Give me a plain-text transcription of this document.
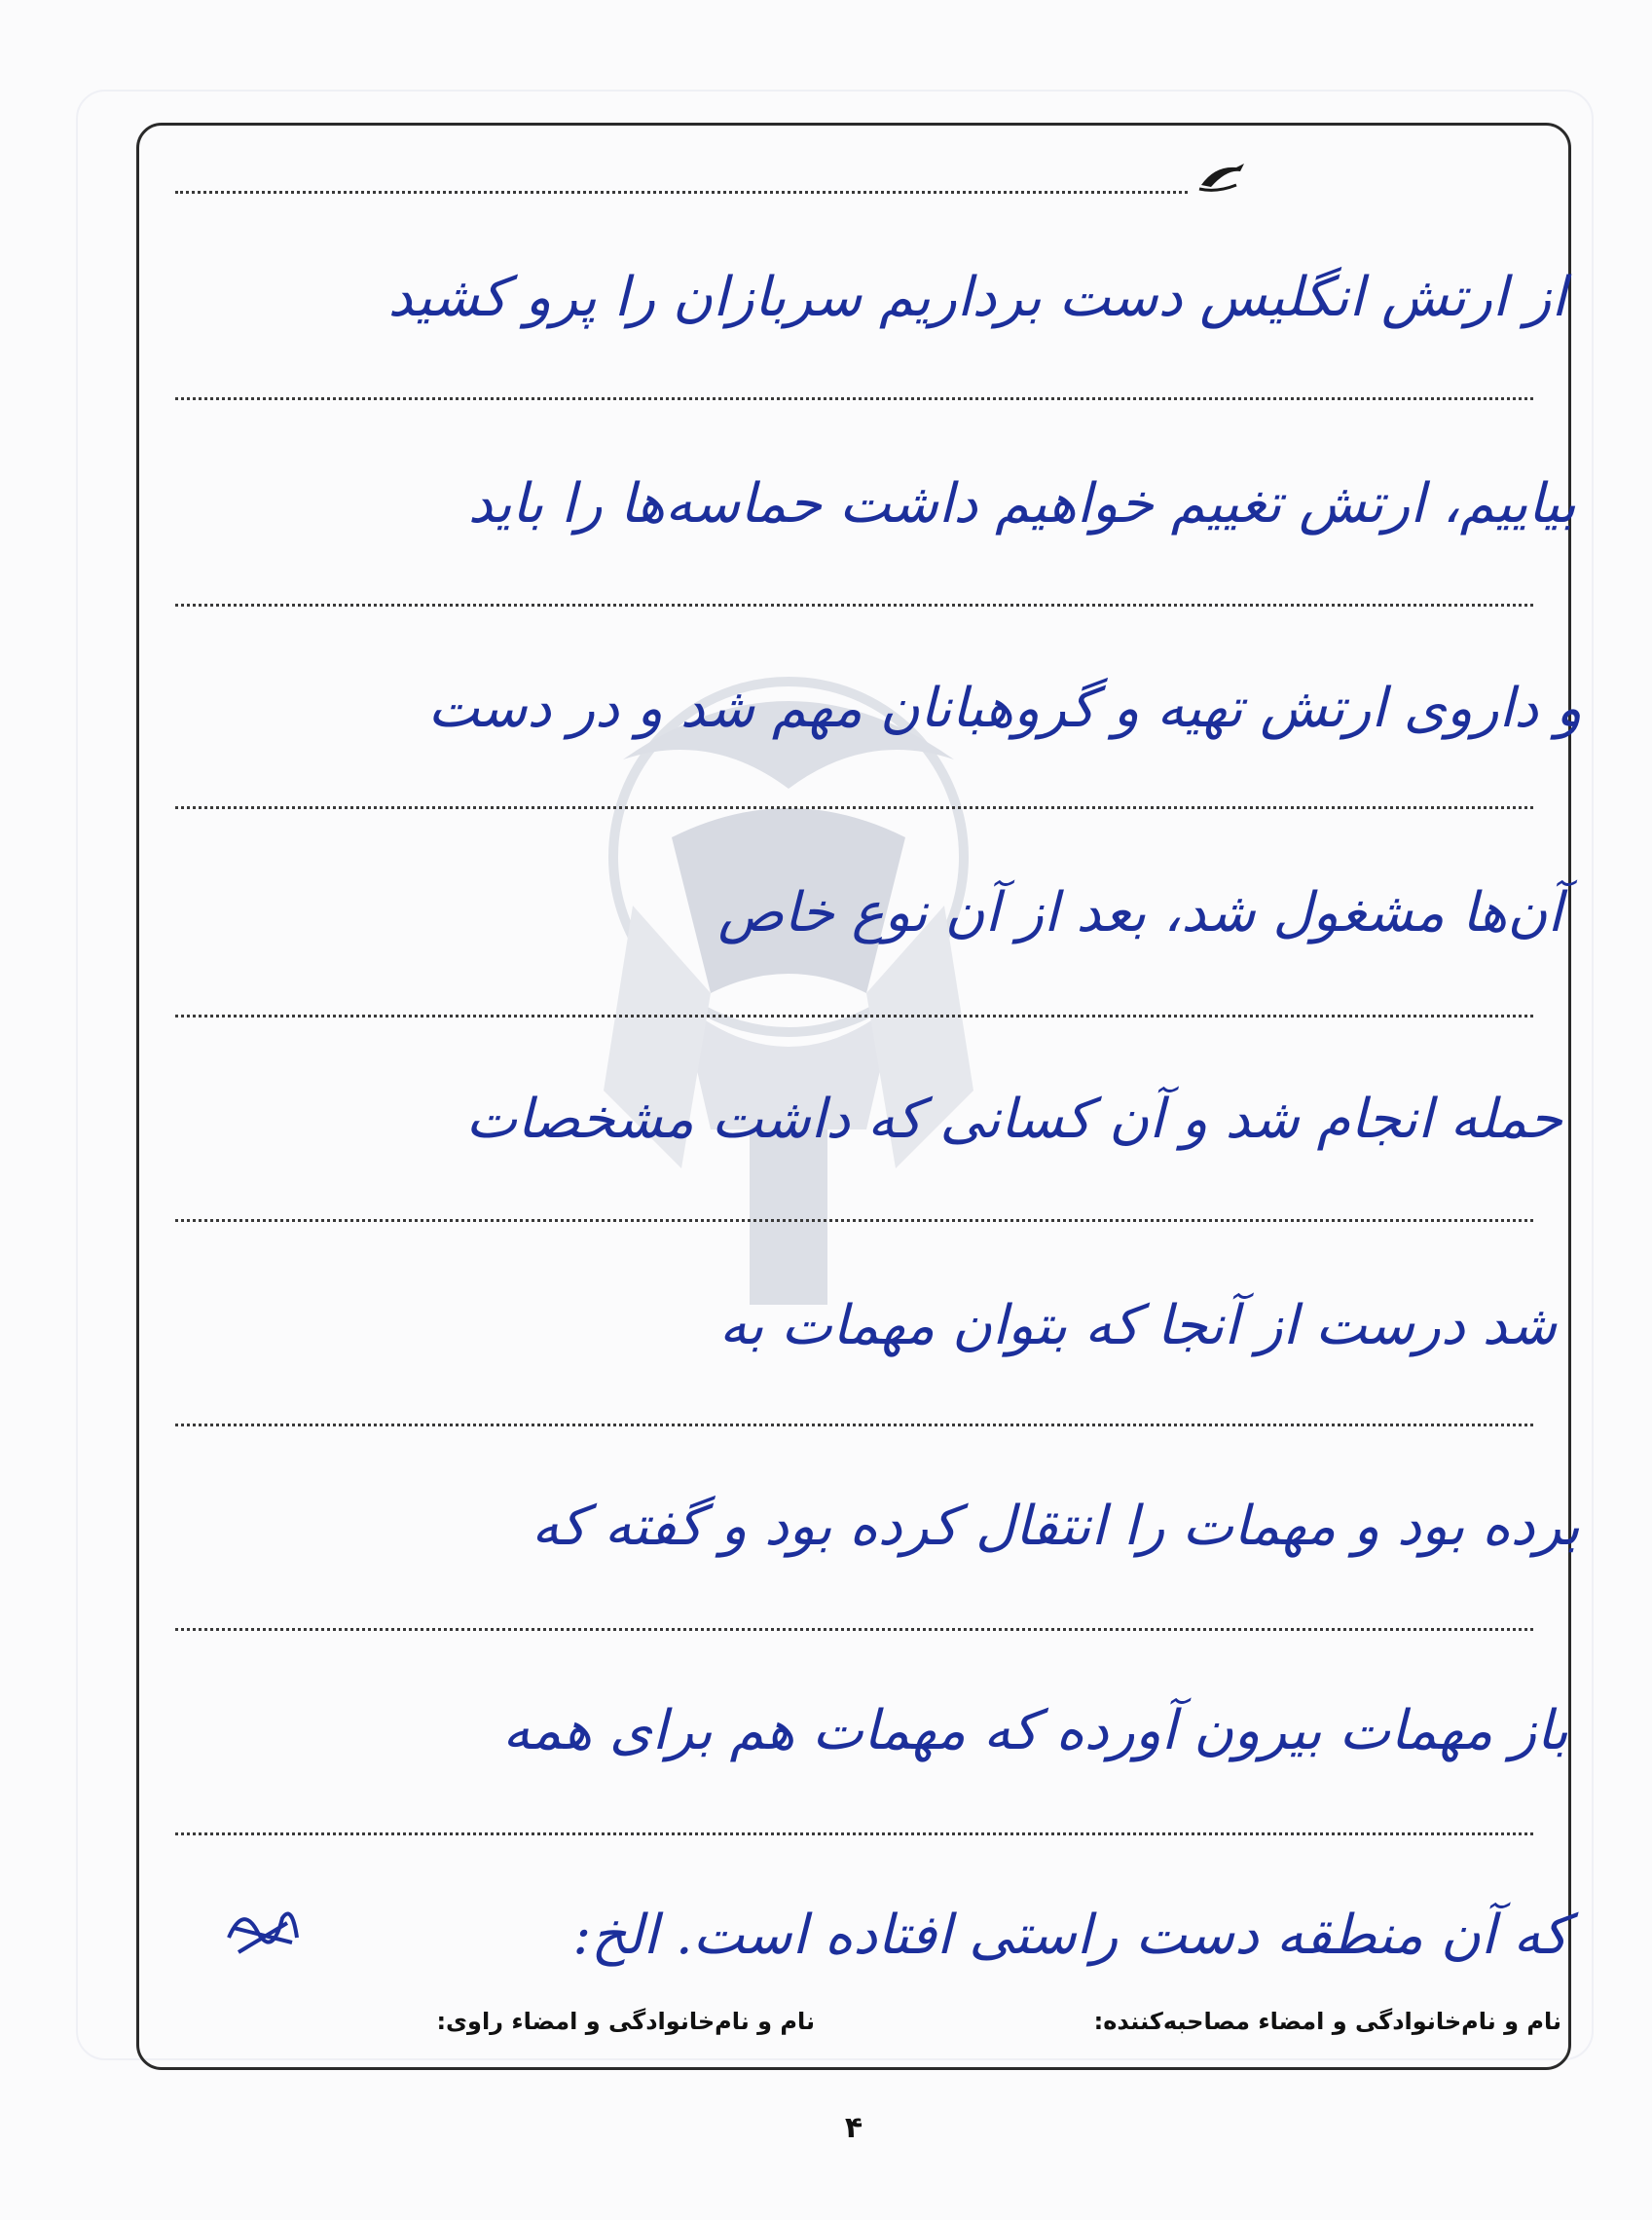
از ارتش انگلیس دست برداریم سربازان را پرو کشید
بیاییم، ارتش تغییم خواهیم داشت حماسه‌ها را باید
و داروی ارتش تهیه و گروهبانان مهم شد و در دست
آن‌ها مشغول شد، بعد از آن نوع خاص
حمله انجام شد و آن کسانی که داشت مشخصات
شد درست از آنجا که بتوان مهمات به
برده بود و مهمات را انتقال کرده بود و گفته که
باز مهمات بیرون آورده که مهمات هم برای همه
که آن منطقه دست راستی افتاده است. الخ:
نام و نام‌خانوادگی و امضاء مصاحبه‌کننده:
نام و نام‌خانوادگی و امضاء راوی:
۴
